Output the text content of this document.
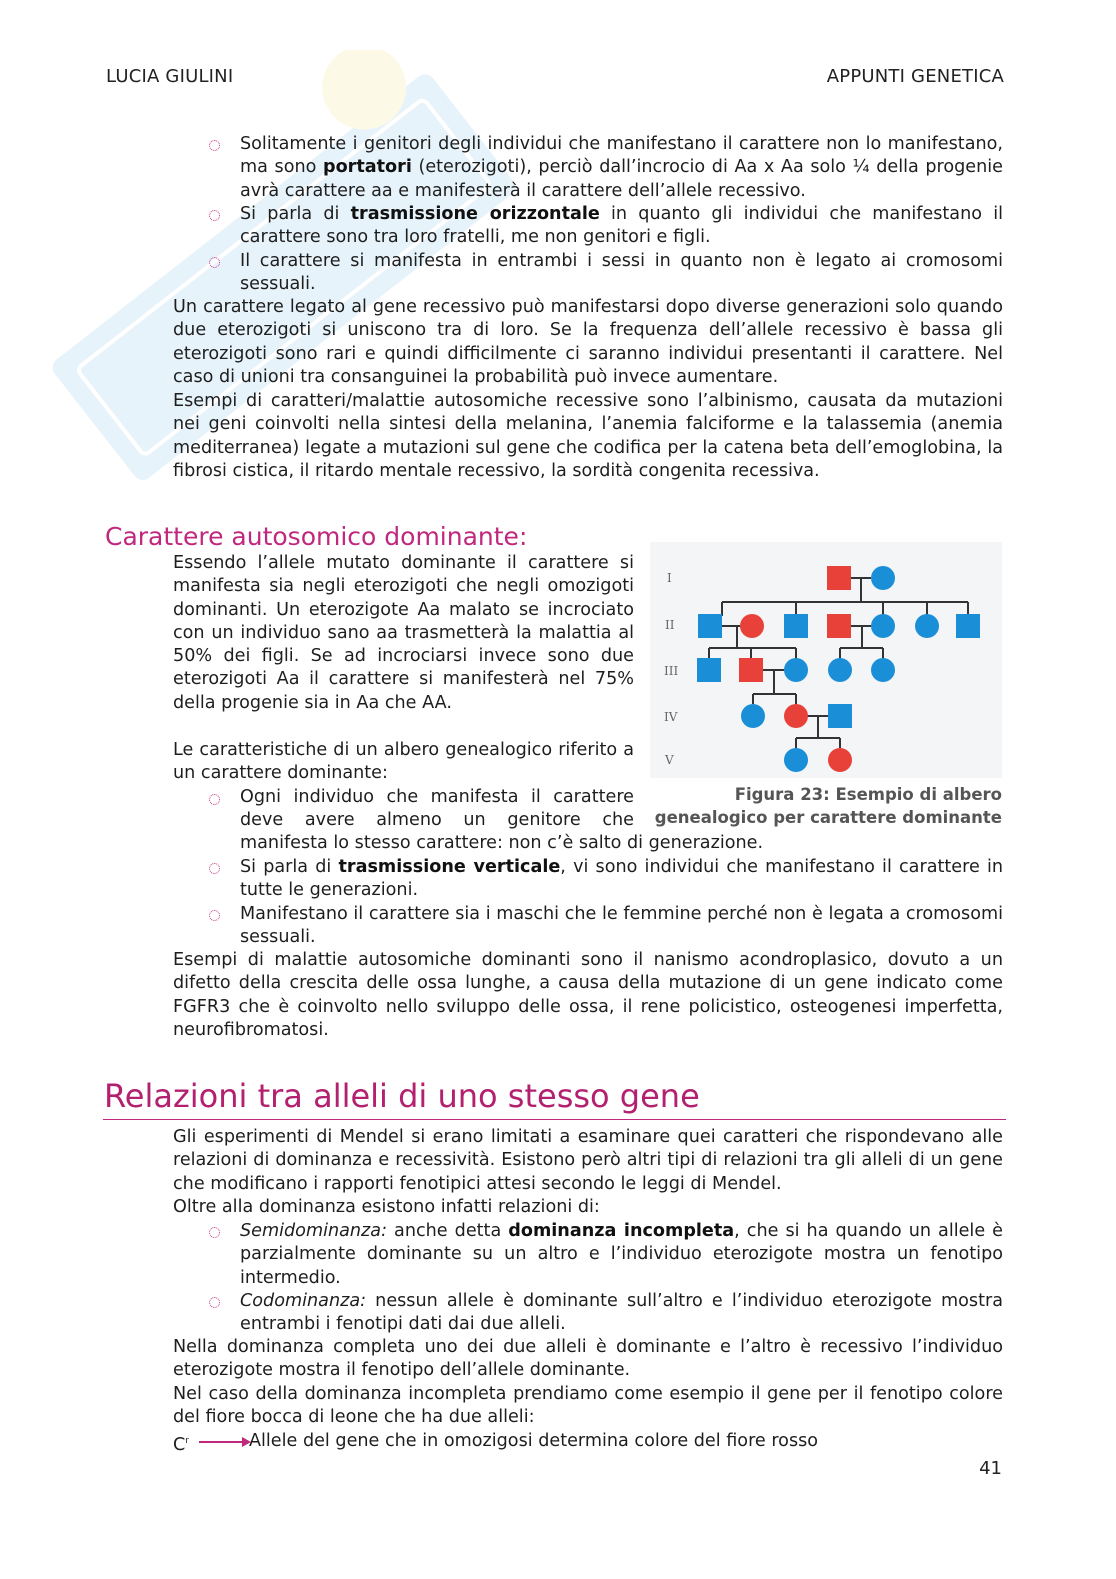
LUCIA GIULINI	APPUNTI GENETICA
Solitamente i genitori degli individui che manifestano il carattere non lo manifestano, ma sono portatori (eterozigoti), perciò dall’incrocio di Aa x Aa solo ¼ della progenie avrà carattere aa e manifesterà il carattere dell’allele recessivo.
Si parla di trasmissione orizzontale in quanto gli individui che manifestano il carattere sono tra loro fratelli, me non genitori e figli.
Il carattere si manifesta in entrambi i sessi in quanto non è legato ai cromosomi sessuali.
Un carattere legato al gene recessivo può manifestarsi dopo diverse generazioni solo quando due eterozigoti si uniscono tra di loro. Se la frequenza dell’allele recessivo è bassa gli eterozigoti sono rari e quindi difficilmente ci saranno individui presentanti il carattere. Nel caso di unioni tra consanguinei la probabilità può invece aumentare.
Esempi di caratteri/malattie autosomiche recessive sono l’albinismo, causata da mutazioni nei geni coinvolti nella sintesi della melanina, l’anemia falciforme e la talassemia (anemia mediterranea) legate a mutazioni sul gene che codifica per la catena beta dell’emoglobina, la fibrosi cistica, il ritardo mentale recessivo, la sordità congenita recessiva.
Carattere autosomico dominante:
Essendo l’allele mutato dominante il carattere si manifesta sia negli eterozigoti che negli omozigoti dominanti. Un eterozigote Aa malato se incrociato con un individuo sano aa trasmetterà la malattia al 50% dei figli. Se ad incrociarsi invece sono due eterozigoti Aa il carattere si manifesterà nel 75% della progenie sia in Aa che AA.
Le caratteristiche di un albero genealogico riferito a un carattere dominante:
Ogni individuo che manifesta il carattere
deve avere almeno un genitore che
manifesta lo stesso carattere: non c’è salto di generazione.
Si parla di trasmissione verticale, vi sono individui che manifestano il carattere in tutte le generazioni.
Manifestano il carattere sia i maschi che le femmine perché non è legata a cromosomi sessuali.
Esempi di malattie autosomiche dominanti sono il nanismo acondroplasico, dovuto a un difetto della crescita delle ossa lunghe, a causa della mutazione di un gene indicato come FGFR3 che è coinvolto nello sviluppo delle ossa, il rene policistico, osteogenesi imperfetta, neurofibromatosi.
I
II
III
IV
V
Figura 23: Esempio di albero
genealogico per carattere dominante
Relazioni tra alleli di uno stesso gene
Gli esperimenti di Mendel si erano limitati a esaminare quei caratteri che rispondevano alle relazioni di dominanza e recessività. Esistono però altri tipi di relazioni tra gli alleli di un gene che modificano i rapporti fenotipici attesi secondo le leggi di Mendel.
Oltre alla dominanza esistono infatti relazioni di:
Semidominanza: anche detta dominanza incompleta, che si ha quando un allele è parzialmente dominante su un altro e l’individuo eterozigote mostra un fenotipo intermedio.
Codominanza: nessun allele è dominante sull’altro e l’individuo eterozigote mostra entrambi i fenotipi dati dai due alleli.
Nella dominanza completa uno dei due alleli è dominante e l’altro è recessivo l’individuo eterozigote mostra il fenotipo dell’allele dominante.
Nel caso della dominanza incompleta prendiamo come esempio il gene per il fenotipo colore del fiore bocca di leone che ha due alleli:
$C^r$	Allele del gene che in omozigosi determina colore del fiore rosso
41
